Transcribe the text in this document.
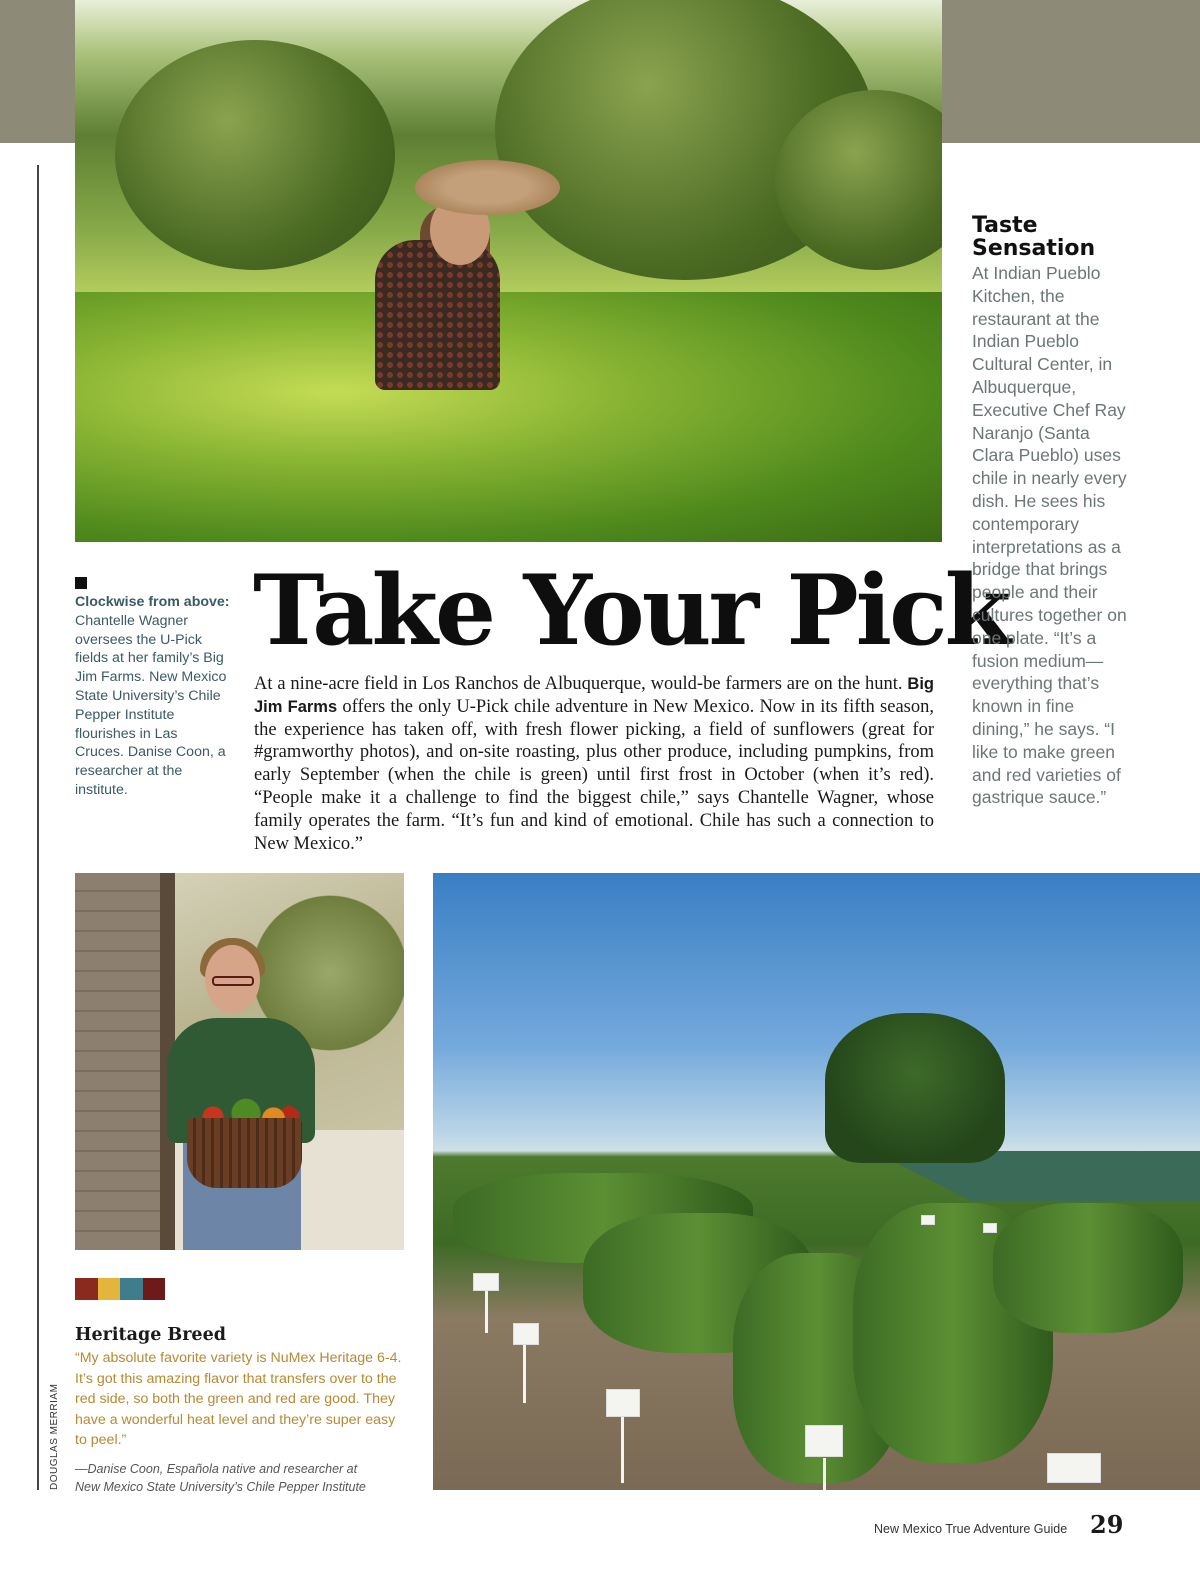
DOUGLAS MERRIAM
Clockwise from above: Chantelle Wagner oversees the U-Pick fields at her family’s Big Jim Farms. New Mexico State University’s Chile Pepper Institute flourishes in Las Cruces. Danise Coon, a researcher at the institute.
Take Your Pick

At a nine-acre field in Los Ranchos de Albuquerque, would-be farmers are on the hunt. Big Jim Farms offers the only U-Pick chile adventure in New Mexico. Now in its fifth season, the experience has taken off, with fresh flower picking, a field of sunflowers (great for #gramworthy photos), and on-site roasting, plus other produce, including pumpkins, from early September (when the chile is green) until first frost in October (when it’s red). “People make it a challenge to find the biggest chile,” says Chantelle Wagner, whose family operates the farm. “It’s fun and kind of emotional. Chile has such a connection to New Mexico.”

Taste Sensation

At Indian Pueblo Kitchen, the restaurant at the Indian Pueblo Cultural Center, in Albuquerque, Executive Chef Ray Naranjo (Santa Clara Pueblo) uses chile in nearly every dish. He sees his contemporary interpretations as a bridge that brings people and their cultures together on one plate. “It’s a fusion medium—everything that’s known in fine dining,” he says. “I like to make green and red varieties of gastrique sauce.”

Heritage Breed

“My absolute favorite variety is NuMex Heritage 6-4. It’s got this amazing flavor that transfers over to the red side, so both the green and red are good. They have a wonderful heat level and they’re super easy to peel.”

—Danise Coon, Española native and researcher at
New Mexico State University’s Chile Pepper Institute

New Mexico True Adventure Guide 29
